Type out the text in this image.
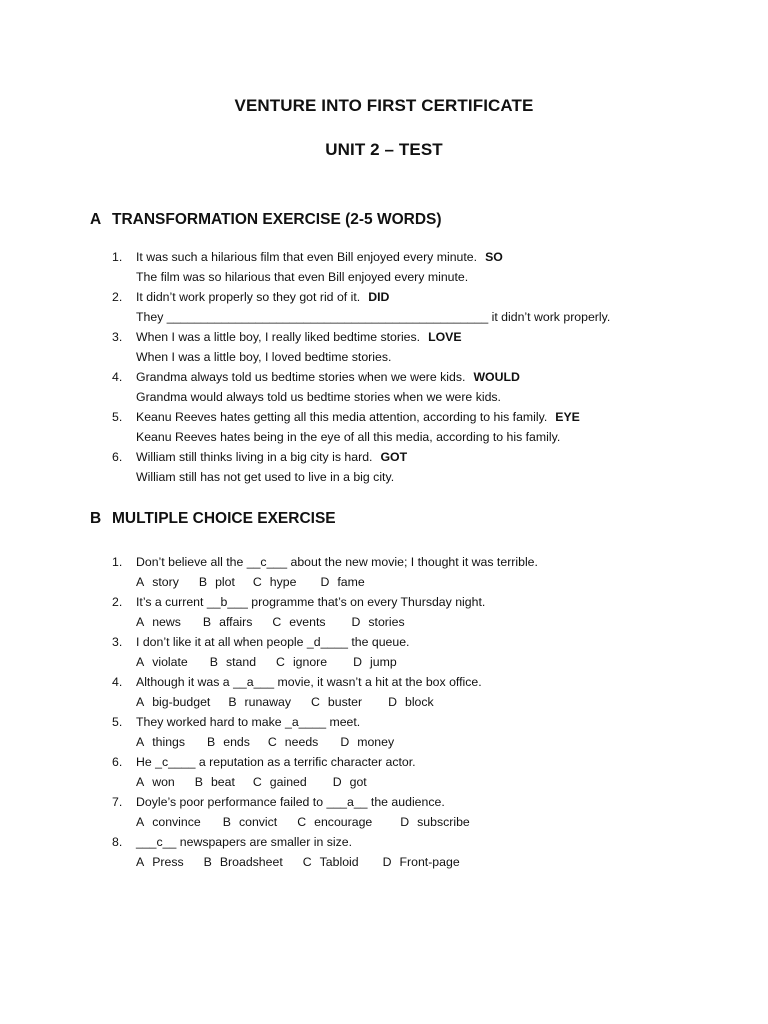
VENTURE INTO FIRST CERTIFICATE
UNIT 2 – TEST
A TRANSFORMATION EXERCISE (2-5 WORDS)
1. It was such a hilarious film that even Bill enjoyed every minute. SO
The film was so hilarious that even Bill enjoyed every minute.
2. It didn’t work properly so they got rid of it. DID
They _______________________________________________ it didn’t work properly.
3. When I was a little boy, I really liked bedtime stories. LOVE
When I was a little boy, I loved bedtime stories.
4. Grandma always told us bedtime stories when we were kids. WOULD
Grandma would always told us bedtime stories when we were kids.
5. Keanu Reeves hates getting all this media attention, according to his family. EYE
Keanu Reeves hates being in the eye of all this media, according to his family.
6. William still thinks living in a big city is hard. GOT
William still has not get used to live in a big city.
B MULTIPLE CHOICE EXERCISE
1. Don’t believe all the __c___ about the new movie; I thought it was terrible.
A story B plot C hype D fame
2. It’s a current __b___ programme that’s on every Thursday night.
A news B affairs C events D stories
3. I don’t like it at all when people _d____ the queue.
A violate B stand C ignore D jump
4. Although it was a __a___ movie, it wasn’t a hit at the box office.
A big-budget B runaway C buster D block
5. They worked hard to make _a____ meet.
A things B ends C needs D money
6. He _c____ a reputation as a terrific character actor.
A won B beat C gained D got
7. Doyle’s poor performance failed to ___a__ the audience.
A convince B convict C encourage D subscribe
8. ___c__ newspapers are smaller in size.
A Press B Broadsheet C Tabloid D Front-page
